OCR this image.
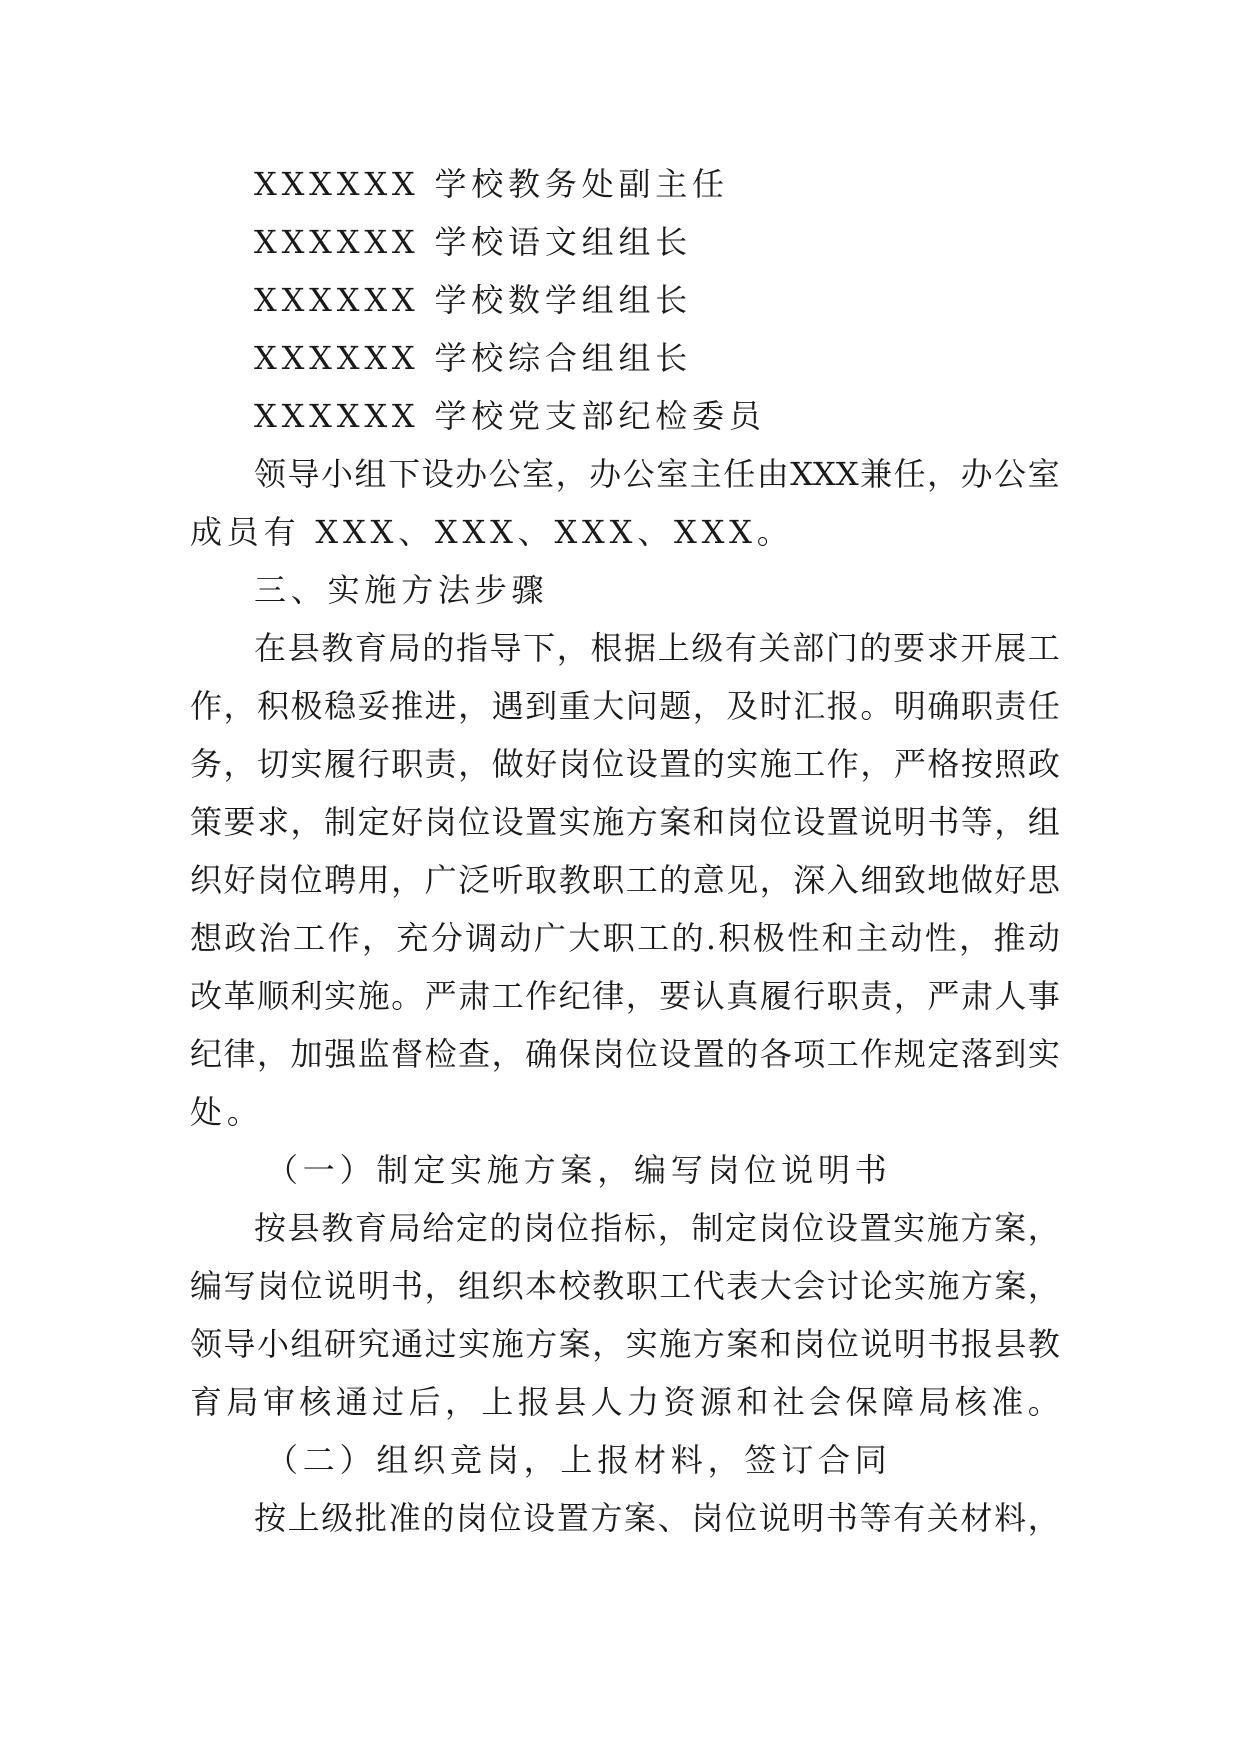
XXXXXX 学校教务处副主任
XXXXXX 学校语文组组长
XXXXXX 学校数学组组长
XXXXXX 学校综合组组长
XXXXXX 学校党支部纪检委员
领 导 小 组 下 设 办 公 室 ， 办 公 室 主 任 由 XXX 兼 任 ， 办 公 室
成员有 XXX、XXX、XXX、XXX。
三、实施方法步骤
在 县 教 育 局 的 指 导 下 ， 根 据 上 级 有 关 部 门 的 要 求 开 展 工
作 ， 积 极 稳 妥 推 进 ， 遇 到 重 大 问 题 ， 及 时 汇 报 。 明 确 职 责 任
务 ， 切 实 履 行 职 责 ， 做 好 岗 位 设 置 的 实 施 工 作 ， 严 格 按 照 政
策 要 求 ， 制 定 好 岗 位 设 置 实 施 方 案 和 岗 位 设 置 说 明 书 等 ， 组
织 好 岗 位 聘 用 ， 广 泛 听 取 教 职 工 的 意 见 ， 深 入 细 致 地 做 好 思
想 政 治 工 作 ， 充 分 调 动 广 大 职 工 的 . 积 极 性 和 主 动 性 ， 推 动
改 革 顺 利 实 施 。 严 肃 工 作 纪 律 ， 要 认 真 履 行 职 责 ， 严 肃 人 事
纪 律 ， 加 强 监 督 检 查 ， 确 保 岗 位 设 置 的 各 项 工 作 规 定 落 到 实
处。
（一）制定实施方案，编写岗位说明书
按 县 教 育 局 给 定 的 岗 位 指 标 ， 制 定 岗 位 设 置 实 施 方 案 ，
编 写 岗 位 说 明 书 ， 组 织 本 校 教 职 工 代 表 大 会 讨 论 实 施 方 案 ，
领 导 小 组 研 究 通 过 实 施 方 案 ， 实 施 方 案 和 岗 位 说 明 书 报 县 教
育 局 审 核 通 过 后 ， 上 报 县 人 力 资 源 和 社 会 保 障 局 核 准 。
（二）组织竞岗，上报材料，签订合同
按 上 级 批 准 的 岗 位 设 置 方 案 、 岗 位 说 明 书 等 有 关 材 料 ，
